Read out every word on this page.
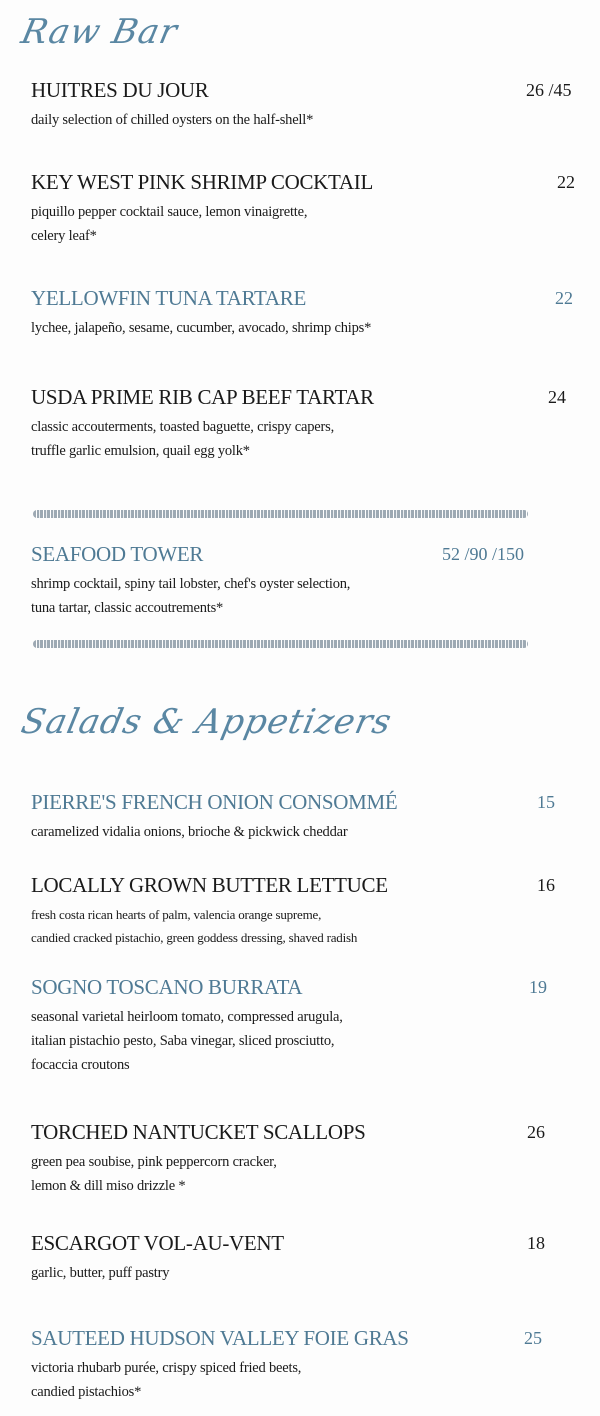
Raw Bar
HUITRES DU JOUR	26 /45
daily selection of chilled oysters on the half-shell*
KEY WEST PINK SHRIMP COCKTAIL	22
piquillo pepper cocktail sauce, lemon vinaigrette,
celery leaf*
YELLOWFIN TUNA TARTARE	22
lychee, jalapeño, sesame, cucumber, avocado, shrimp chips*
USDA PRIME RIB CAP BEEF TARTAR	24
classic accouterments, toasted baguette, crispy capers,
truffle garlic emulsion, quail egg yolk*
SEAFOOD TOWER	52 /90 /150
shrimp cocktail, spiny tail lobster, chef's oyster selection,
tuna tartar, classic accoutrements*
Salads & Appetizers
PIERRE'S FRENCH ONION CONSOMMÉ	15
caramelized vidalia onions, brioche & pickwick cheddar
LOCALLY GROWN BUTTER LETTUCE	16
fresh costa rican hearts of palm, valencia orange supreme,
candied cracked pistachio, green goddess dressing, shaved radish
SOGNO TOSCANO BURRATA	19
seasonal varietal heirloom tomato, compressed arugula,
italian pistachio pesto, Saba vinegar, sliced prosciutto,
focaccia croutons
TORCHED NANTUCKET SCALLOPS	26
green pea soubise, pink peppercorn cracker,
lemon & dill miso drizzle *
ESCARGOT VOL-AU-VENT	18
garlic, butter, puff pastry
SAUTEED HUDSON VALLEY FOIE GRAS	25
victoria rhubarb purée, crispy spiced fried beets,
candied pistachios*
